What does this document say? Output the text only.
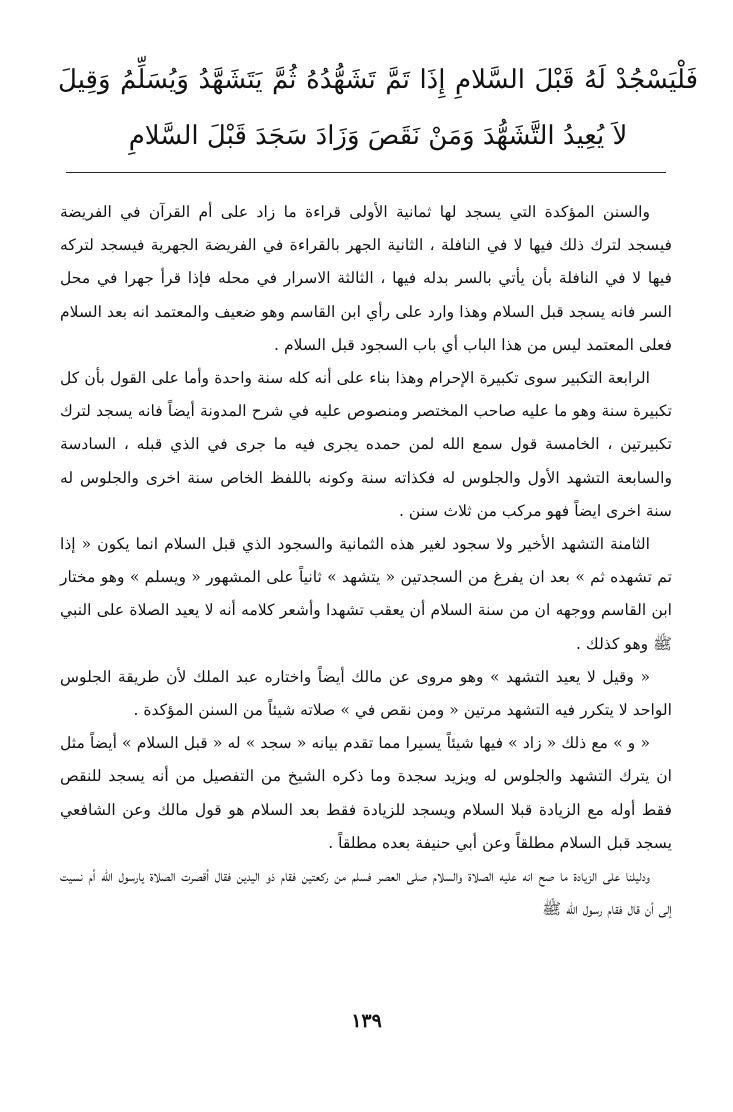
فَلْيَسْجُدْ لَهُ قَبْلَ السَّلامِ إِذَا تَمَّ تَشَهُّدُهُ ثُمَّ يَتَشَهَّدُ وَيُسَلِّمُ وَقِيلَ لاَ يُعِيدُ التَّشَهُّدَ وَمَنْ نَقَصَ وَزَادَ سَجَدَ قَبْلَ السَّلامِ

والسنن المؤكدة التي يسجد لها ثمانية الأولى قراءة ما زاد على أم القرآن في الفريضة فيسجد لترك ذلك فيها لا في النافلة ، الثانية الجهر بالقراءة في الفريضة الجهرية فيسجد لتركه فيها لا في النافلة بأن يأتي بالسر بدله فيها ، الثالثة الاسرار في محله فإذا قرأ جهرا في محل السر فانه يسجد قبل السلام وهذا وارد على رأي ابن القاسم وهو ضعيف والمعتمد انه بعد السلام فعلى المعتمد ليس من هذا الباب أي باب السجود قبل السلام .

الرابعة التكبير سوى تكبيرة الإحرام وهذا بناء على أنه كله سنة واحدة وأما على القول بأن كل تكبيرة سنة وهو ما عليه صاحب المختصر ومنصوص عليه في شرح المدونة أيضاً فانه يسجد لترك تكبيرتين ، الخامسة قول سمع الله لمن حمده يجرى فيه ما جرى في الذي قبله ، السادسة والسابعة التشهد الأول والجلوس له فكذاته سنة وكونه باللفظ الخاص سنة اخرى والجلوس له سنة اخرى ايضاً فهو مركب من ثلاث سنن .

الثامنة التشهد الأخير ولا سجود لغير هذه الثمانية والسجود الذي قبل السلام انما يكون « إذا تم تشهده ثم » بعد ان يفرغ من السجدتين « يتشهد » ثانياً على المشهور « ويسلم » وهو مختار ابن القاسم ووجهه ان من سنة السلام أن يعقب تشهدا وأشعر كلامه أنه لا يعيد الصلاة على النبي ﷺ وهو كذلك .

« وقيل لا يعيد التشهد » وهو مروى عن مالك أيضاً واختاره عبد الملك لأن طريقة الجلوس الواحد لا يتكرر فيه التشهد مرتين « ومن نقص في » صلاته شيئاً من السنن المؤكدة .

« و » مع ذلك « زاد » فيها شيئاً يسيرا مما تقدم بيانه « سجد » له « قبل السلام » أيضاً مثل ان يترك التشهد والجلوس له ويزيد سجدة وما ذكره الشيخ من التفصيل من أنه يسجد للنقص فقط أوله مع الزيادة قبلا السلام ويسجد للزيادة فقط بعد السلام هو قول مالك وعن الشافعي يسجد قبل السلام مطلقاً وعن أبي حنيفة بعده مطلقاً .

ودليلنا على الزيادة ما صح انه عليه الصلاة والسلام صلى العصر فسلم من ركعتين فقام ذو اليدين فقال أقصرت الصلاة يارسول الله أم نسيت إلى أن قال فقام رسول الله ﷺ

١٣٩
